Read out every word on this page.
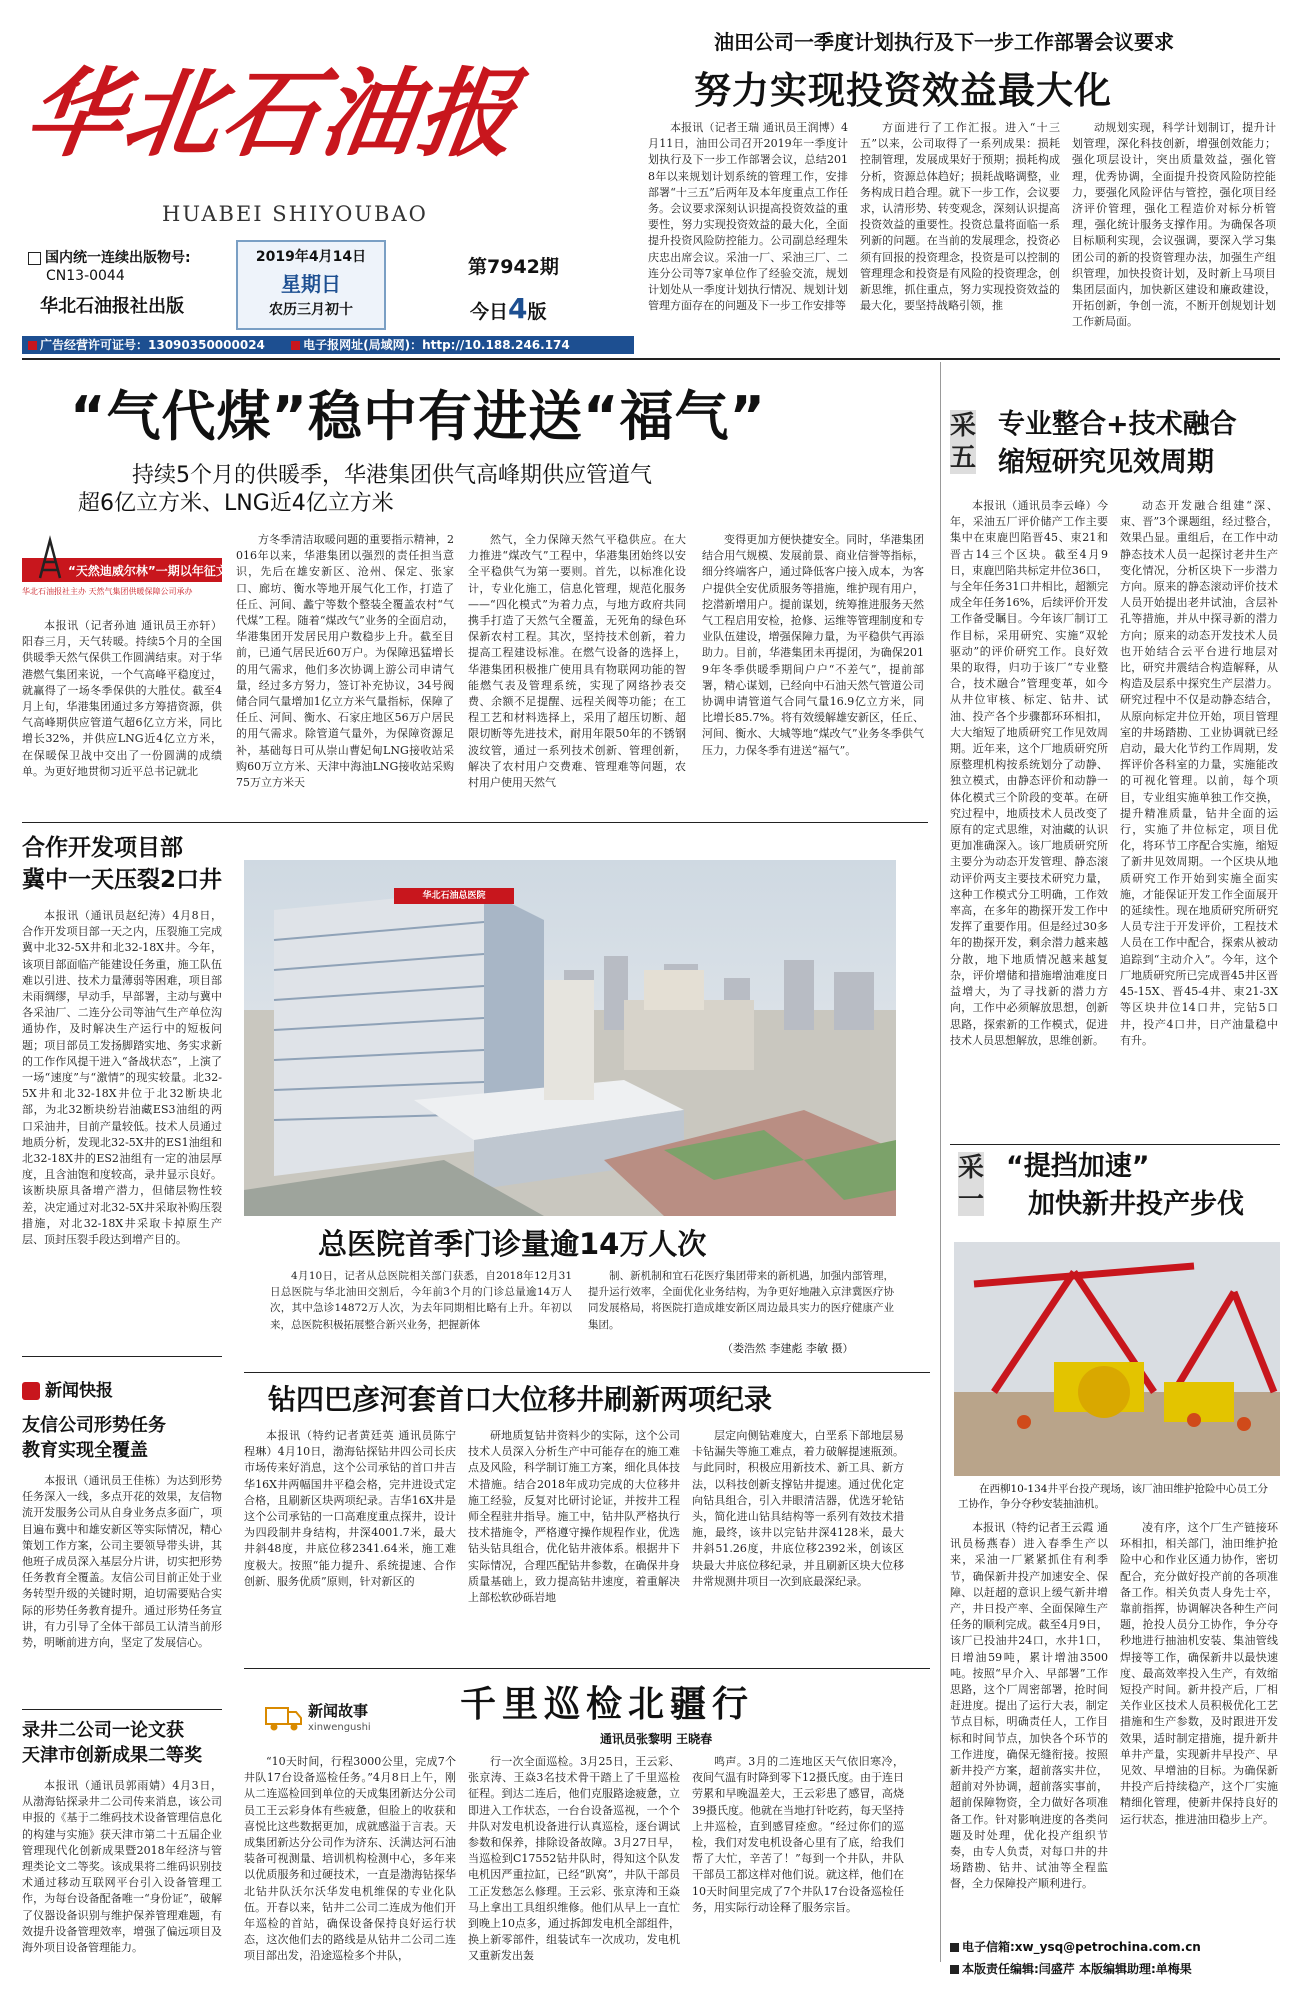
华北石油报
HUABEI SHIYOUBAO
国内统一连续出版物号:
CN13-0044
华北石油报社出版
2019年4月14日
星期日
农历三月初十
第7942期
今日4版
广告经营许可证号：13090350000024	电子报网址(局域网)：http://10.188.246.174
油田公司一季度计划执行及下一步工作部署会议要求
努力实现投资效益最大化

本报讯（记者王瑞 通讯员王润博）4月11日，油田公司召开2019年一季度计划执行及下一步工作部署会议，总结2018年以来规划计划系统的管理工作，安排部署“十三五”后两年及本年度重点工作任务。会议要求深刻认识提高投资效益的重要性，努力实现投资效益的最大化，全面提升投资风险防控能力。公司副总经理朱庆忠出席会议。采油一厂、采油三厂、二连分公司等7家单位作了经验交流，规划计划处从一季度计划执行情况、规划计划管理方面存在的问题及下一步工作安排等

方面进行了工作汇报。进入“十三五”以来，公司取得了一系列成果：损耗控制管理，发展成果好于预期；损耗构成分析，资源总体趋好；损耗战略调整，业务构成日趋合理。就下一步工作，会议要求，认清形势、转变观念，深刻认识提高投资效益的重要性。投资总量将面临一系列新的问题。在当前的发展理念，投资必须有回报的投资理念，投资是可以控制的管理理念和投资是有风险的投资理念，创新思维，抓住重点，努力实现投资效益的最大化，要坚持战略引领，推

动规划实现，科学计划制订，提升计划管理，深化科技创新，增强创效能力；强化项层设计，突出质量效益，强化管理，优秀协调，全面提升投资风险防控能力，要强化风险评估与管控，强化项目经济评价管理，强化工程造价对标分析管理，强化统计服务支撑作用。为确保各项目标顺利实现，会议强调，要深入学习集团公司的新的投资管理办法，加强生产组织管理，加快投资计划，及时新上马项目集团层面内，加快新区建设和廉政建设，开拓创新，争创一流，不断开创规划计划工作新局面。

“气代煤”稳中有进送“福气”
持续5个月的供暖季，华港集团供气高峰期供应管道气
超6亿立方米、LNG近4亿立方米
“天然迪威尔林”一期以年征文
华北石油报社主办 天然气集团供暖保障公司承办

本报讯（记者孙迪 通讯员王亦轩）阳春三月，天气转暖。持续5个月的全国供暖季天然气保供工作圆满结束。对于华港燃气集团来说，一个气高峰平稳度过，就赢得了一场冬季保供的大胜仗。截至4月上旬，华港集团通过多方筹措资源，供气高峰期供应管道气超6亿立方米，同比增长32%，并供应LNG近4亿立方米，在保暖保卫战中交出了一份圆满的成绩单。为更好地贯彻习近平总书记就北

方冬季清洁取暖问题的重要指示精神，2016年以来，华港集团以强烈的责任担当意识，先后在雄安新区、沧州、保定、张家口、廊坊、衡水等地开展气化工作，打造了任丘、河间、蠡宁等数个整装全覆盖农村“气代煤”工程。随着“煤改气”业务的全面启动，华港集团开发居民用户数稳步上升。截至目前，已通气居民近60万户。为保障迅猛增长的用气需求，他们多次协调上游公司申请气量，经过多方努力，签订补充协议，34号阀储合同气量增加1亿立方米气量指标，保障了任丘、河间、衡水、石家庄地区56万户居民的用气需求。除管道气量外，为保障资源足补，基础每日可从崇山曹妃甸LNG接收站采购60万立方米、天津中海油LNG接收站采购75万立方米天

然气，全力保障天然气平稳供应。在大力推进“煤改气”工程中，华港集团始终以安全平稳供气为第一要则。首先，以标准化设计，专业化施工，信息化管理，规范化服务——“四化模式”为着力点，与地方政府共同携手打造了天然气全覆盖，无死角的绿色环保新农村工程。其次，坚持技术创新，着力提高工程建设标准。在燃气设备的选择上，华港集团积极推广使用具有物联网功能的智能燃气表及管理系统，实现了网络抄表交费、余额不足提醒、远程关阀等功能；在工程工艺和材料选择上，采用了超压切断、超限切断等先进技术，耐用年限50年的不锈钢波纹管，通过一系列技术创新、管理创新，解决了农村用户交费难、管理难等问题，农村用户使用天然气

变得更加方便快捷安全。同时，华港集团结合用气规模、发展前景、商业信誉等指标，细分终端客户，通过降低客户接入成本，为客户提供全安优质服务等措施，维护现有用户，挖潜新增用户。提前谋划，统筹推进服务天然气工程启用安检，抢修、运维等管理制度和专业队伍建设，增强保障力量，为平稳供气再添助力。目前，华港集团未再提闭，为确保2019年冬季供暖季期间户户“不差气”，提前部署，精心谋划，已经向中石油天然气管道公司协调申请管道气合同气量16.9亿立方米，同比增长85.7%。将有效缓解雄安新区，任丘、河间、衡水、大城等地“煤改气”业务冬季供气压力，力保冬季有进送“福气”。

合作开发项目部
冀中一天压裂2口井

本报讯（通讯员赵纪涛）4月8日，合作开发项目部一天之内，压裂施工完成冀中北32-5X井和北32-18X井。今年，该项目部面临产能建设任务重，施工队伍难以引进、技术力量薄弱等困难，项目部未雨绸缪，早动手，早部署，主动与冀中各采油厂、二连分公司等油气生产单位沟通协作，及时解决生产运行中的短板问题；项目部员工发扬脚踏实地、务实求新的工作作风提干进入“备战状态”，上演了一场“速度”与“激情”的现实较量。北32-5X井和北32-18X井位于北32断块北部，为北32断块纷岩油藏ES3油组的两口采油井，目前产量较低。技术人员通过地质分析，发现北32-5X井的ES1油组和北32-18X井的ES2油组有一定的油层厚度，且含油饱和度较高，录井显示良好。该断块原具备增产潜力，但储层物性较差，决定通过对北32-5X井采取补购压裂措施，对北32-18X井采取卡掉原生产层、顶封压裂手段达到增产目的。

华北石油总医院
总医院首季门诊量逾14万人次

4月10日，记者从总医院相关部门获悉，自2018年12月31日总医院与华北油田交割后，今年前3个月的门诊总量逾14万人次，其中急诊14872万人次，为去年同期相比略有上升。年初以来，总医院积极拓展整合新兴业务，把握新体

制、新机制和宜石花医疗集团带来的新机遇，加强内部管理，提升运行效率，全面优化业务结构，为争更好地融入京津冀医疗协同发展格局，将医院打造成雄安新区周边最具实力的医疗健康产业集团。

（娄浩然 李建彪 李敏 摄）
新闻快报
友信公司形势任务
教育实现全覆盖

本报讯（通讯员王佳栋）为达到形势任务深入一线，多点开花的效果，友信物流开发服务公司从自身业务点多面广，项目遍布冀中和雄安新区等实际情况，精心策划工作方案，公司主要领导带头讲，其他班子成员深入基层分片讲，切实把形势任务教育全覆盖。友信公司目前正处于业务转型升级的关键时期，迫切需要贴合实际的形势任务教育提升。通过形势任务宣讲，有力引导了全体干部员工认清当前形势，明晰前进方向，坚定了发展信心。

录井二公司一论文获
天津市创新成果二等奖

本报讯（通讯员郭雨婧）4月3日，从渤海钻探录井二公司传来消息，该公司申报的《基于二维码技术设备管理信息化的构建与实施》获天津市第二十五届企业管理现代化创新成果暨2018年经济与管理类论文二等奖。该成果将二维码识别技术通过移动互联网平台引入设备管理工作，为每台设备配备唯一“身份证”，破解了仪器设备识别与维护保养管理难题，有效提升设备管理效率，增强了偏远项目及海外项目设备管理能力。

钻四巴彦河套首口大位移井刷新两项纪录

本报讯（特约记者黄廷英 通讯员陈宁 程琳）4月10日，渤海钻探钻井四公司长庆市场传来好消息，这个公司承钻的首口井吉华16X井两幅国井平稳会格，完井进设式定合格，且刷新区块两项纪录。吉华16X井是这个公司承钻的一口高难度重点探井，设计为四段制井身结构，井深4001.7米，最大井斜48度，井底位移2341.64米，施工难度极大。按照“能力提升、系统提速、合作创新、服务优质”原则，针对新区的

研地质复钻井资料少的实际，这个公司技术人员深入分析生产中可能存在的施工难点及风险，科学制订施工方案，细化具体技术措施。结合2018年成功完成的大位移井施工经验，反复对比研讨论证，并按井工程师全程驻井指导。施工中，钻井队严格执行技术措施令，严格遵守操作规程作业，优选钻头钻具组合，优化钻井液体系。根据井下实际情况，合理匹配钻井参数，在确保井身质量基础上，致力提高钻井速度，着重解决上部松软砂砾岩地

层定向侧钻难度大，白垩系下部地层易卡钻漏失等施工难点，着力破解提速瓶颈。与此同时，积极应用新技术、新工具、新方法，以科技创新支撑钻井提速。通过优化定向钻具组合，引入井眼清洁器，优选牙轮钻头，简化进山钻具结构等一系列有效技术措施，最终，该井以完钻井深4128米，最大井斜51.26度，井底位移2392米，创该区块最大井底位移纪录，并且刷新区块大位移井常规测井项目一次到底最深纪录。

新闻故事
xinwengushi
千里巡检北疆行
通讯员张黎明 王晓春

“10天时间，行程3000公里，完成7个井队17台设备巡检任务。”4月8日上午，刚从二连巡检回到单位的天成集团新达分公司员工王云彩身体有些疲惫，但脸上的收获和喜悦比这些数据更加，成就感溢于言表。天成集团新达分公司作为济东、沃满达河石油装备可视测量、培训机构检测中心，多年来以优质服务和过硬技术，一直是渤海钻探华北钻井队沃尔沃华发电机维保的专业化队伍。开春以来，钻井二公司二连成为他们开年巡检的首站，确保设备保持良好运行状态，这次他们去的路线是从钻井二公司二连项目部出发，沿途巡检多个井队，

行一次全面巡检。3月25日，王云彩、张京涛、王焱3名技术骨干踏上了千里巡检征程。到达二连后，他们克服路途疲惫，立即进入工作状态，一台台设备巡视，一个个井队对发电机设备进行认真巡检，逐台调试参数和保养，排除设备故障。3月27日早，当巡检到C17552钻井队时，得知这个队发电机因严重拉缸，已经“趴窝”，井队干部员工正发愁怎么修理。王云彩、张京涛和王焱马上拿出工具组织维修。他们从早上一直忙到晚上10点多，通过拆卸发电机全部组件，换上新零部件，组装试车一次成功，发电机又重新发出轰

鸣声。3月的二连地区天气依旧寒冷，夜间气温有时降到零下12摄氏度。由于连日劳累和早晚温差大，王云彩患了感冒，高烧39摄氏度。他就在当地打针吃药，每天坚持上井巡检，直到感冒痊愈。“经过你们的巡检，我们对发电机设备心里有了底，给我们帮了大忙，辛苦了！”每到一个井队，井队干部员工都这样对他们说。就这样，他们在10天时间里完成了7个井队17台设备巡检任务，用实际行动诠释了服务宗旨。

采
五
专业整合+技术融合
缩短研究见效周期

本报讯（通讯员李云峰）今年，采油五厂评价储产工作主要集中在束鹿凹陷晋45、束21和晋古14三个区块。截至4月9日，束鹿凹陷共标定井位36口，与全年任务31口井相比，超额完成全年任务16%，后续评价开发工作备受瞩目。今年该厂制订工作目标，采用研究、实施“双轮驱动”的评价研究工作。良好效果的取得，归功于该厂“专业整合，技术融合”管理变革，如今从井位审核、标定、钻井、试油、投产各个步骤都环环相扣，大大缩短了地质研究工作见效周期。近年来，这个厂地质研究所原整理机构按系统划分了动静、独立模式，由静态评价和动静一体化模式三个阶段的变革。在研究过程中，地质技术人员改变了原有的定式思维，对油藏的认识更加准确深入。该厂地质研究所主要分为动态开发管理、静态滚动评价两支主要技术研究力量，这种工作模式分工明确，工作效率高，在多年的勘探开发工作中发挥了重要作用。但是经过30多年的勘探开发，剩余潜力越来越分散，地下地质情况越来越复杂，评价增储和措施增油难度日益增大，为了寻找新的潜力方向，工作中必须解放思想，创新思路，探索新的工作模式，促进技术人员思想解放，思维创新。

动态开发融合组建“深、束、晋”3个课题组，经过整合，效果凸显。重组后，在工作中动静态技术人员一起探讨老井生产变化情况，分析区块下一步潜力方向。原来的静态滚动评价技术人员开始提出老井试油，含层补孔等措施，并从中探寻新的潜力方向；原来的动态开发技术人员也开始结合云平台进行地层对比，研究井震结合构造解释，从构造及层系中探究生产层潜力。研究过程中不仅是动静态结合，从原向标定井位开始，项目管理室的井场踏勘、工业协调就已经启动，最大化节约工作周期，发挥评价各科室的力量，实施能改的可视化管理。以前，每个项目，专业组实施单独工作交换，提升精准质量，钻井全面的运行，实施了井位标定，项目优化，将环节工序配合实施，缩短了新井见效周期。一个区块从地质研究工作开始到实施全面实施，才能保证开发工作全面展开的延续性。现在地质研究所研究人员专注于开发评价，工程技术人员在工作中配合，探索从被动追踪到“主动介入”。今年，这个厂地质研究所已完成晋45井区晋45-15X、晋45-4井、束21-3X等区块井位14口井，完钻5口井，投产4口井，日产油量稳中有升。

采
一
“提挡加速”
加快新井投产步伐
在西柳10-134井平台投产现场，该厂油田维护抢险中心员工分工协作，争分夺秒安装抽油机。

本报讯（特约记者王云霞 通讯员杨燕春）进入春季生产以来，采油一厂紧紧抓住有利季节，确保新井投产加速安全、保障、以赶超的意识上缓气新井增产，井日投产率、全面保障生产任务的顺利完成。截至4月9日，该厂已投油井24口，水井1口，日增油59吨，累计增油3500吨。按照“早介入、早部署”工作思路，这个厂周密部署，抢时间赶进度。提出了运行大表，制定节点目标，明确责任人，工作目标和时间节点，加快各个环节的工作进度，确保无缝衔接。按照新井投产方案，超前落实井位，超前对外协调，超前落实事前，超前保障物资，全力做好各项准备工作。针对影响进度的各类问题及时处理，优化投产组织节奏，由专人负责，对每口井的井场踏勘、钻井、试油等全程监督，全力保障投产顺利进行。

凌有序，这个厂生产链接环环相扣，相关部门，油田维护抢险中心和作业区通力协作，密切配合，充分做好投产前的各项准备工作。相关负责人身先士卒，靠前指挥，协调解决各种生产问题，抢投人员分工协作，争分夺秒地进行抽油机安装、集油管线焊接等工作，确保新井以最快速度、最高效率投入生产，有效缩短投产时间。新井投产后，厂相关作业区技术人员积极优化工艺措施和生产参数，及时跟进开发效果，适时制定措施，提升新井单井产量，实现新井早投产、早见效、早增油的目标。为确保新井投产后持续稳产，这个厂实施精细化管理，使新井保持良好的运行状态，推进油田稳步上产。

电子信箱:xw_ysq@petrochina.com.cn
本版责任编辑:闫盛芹 本版编辑助理:单梅果
